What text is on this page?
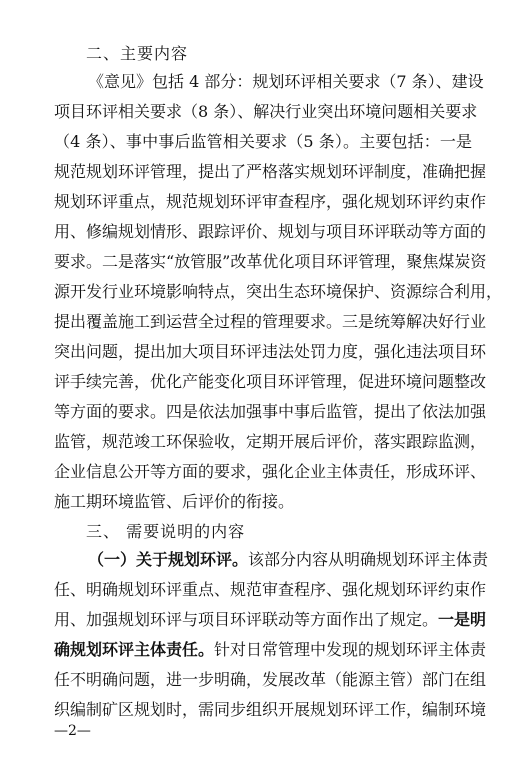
二、主要内容
《意见》包括 4 部分：规划环评相关要求（7 条）、建设
项目环评相关要求（8 条）、解决行业突出环境问题相关要求
（4 条）、事中事后监管相关要求（5 条）。主要包括：一是
规范规划环评管理，提出了严格落实规划环评制度，准确把握
规划环评重点，规范规划环评审查程序，强化规划环评约束作
用、修编规划情形、跟踪评价、规划与项目环评联动等方面的
要求。二是落实“放管服”改革优化项目环评管理，聚焦煤炭资
源开发行业环境影响特点，突出生态环境保护、资源综合利用，
提出覆盖施工到运营全过程的管理要求。三是统筹解决好行业
突出问题，提出加大项目环评违法处罚力度，强化违法项目环
评手续完善，优化产能变化项目环评管理，促进环境问题整改
等方面的要求。四是依法加强事中事后监管，提出了依法加强
监管，规范竣工环保验收，定期开展后评价，落实跟踪监测，
企业信息公开等方面的要求，强化企业主体责任，形成环评、
施工期环境监管、后评价的衔接。
三、 需要说明的内容
（一）关于规划环评。该部分内容从明确规划环评主体责
任、明确规划环评重点、规范审查程序、强化规划环评约束作
用、加强规划环评与项目环评联动等方面作出了规定。一是明
确规划环评主体责任。针对日常管理中发现的规划环评主体责
任不明确问题，进一步明确，发展改革（能源主管）部门在组
织编制矿区规划时，需同步组织开展规划环评工作，编制环境
—2—
